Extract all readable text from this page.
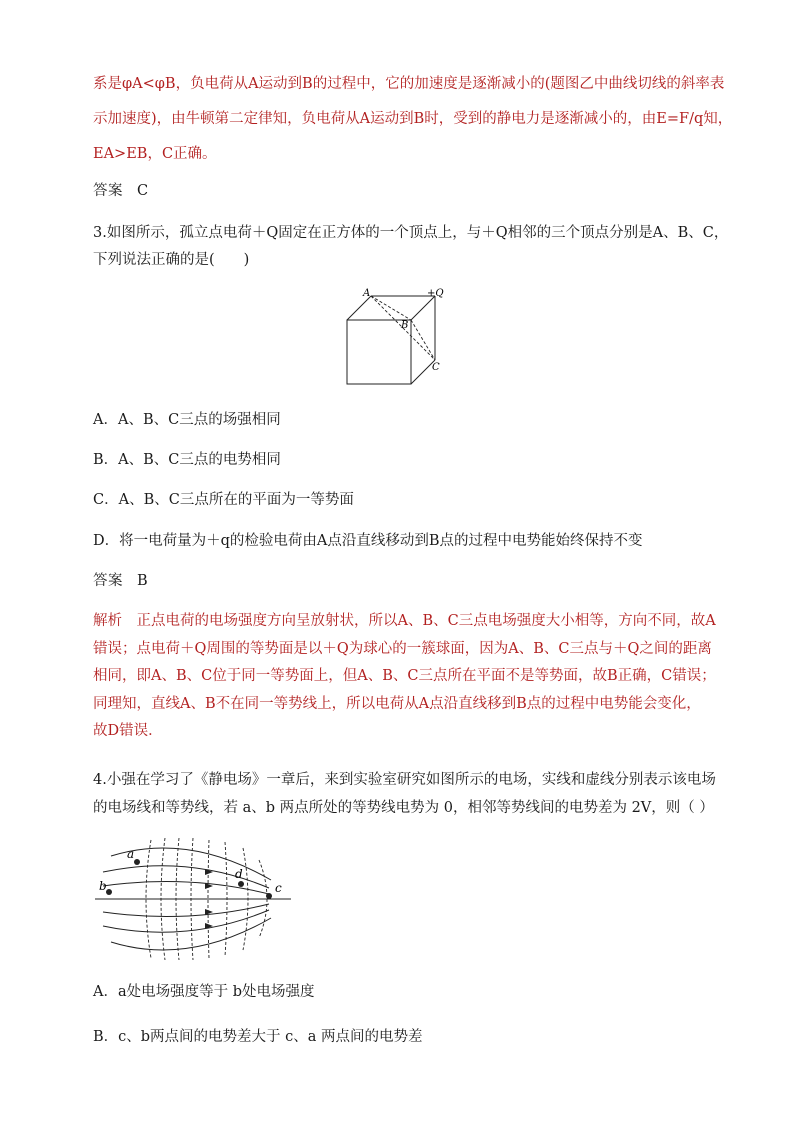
系是φA<φB，负电荷从A运动到B的过程中，它的加速度是逐渐减小的(题图乙中曲线切线的斜率表
示加速度)，由牛顿第二定律知，负电荷从A运动到B时，受到的静电力是逐渐减小的，由E=F/q知，
EA>EB，C正确。
答案 C
3.如图所示，孤立点电荷＋Q固定在正方体的一个顶点上，与＋Q相邻的三个顶点分别是A、B、C，
下列说法正确的是(　　)
A
B
C
+Q
A．A、B、C三点的场强相同
B．A、B、C三点的电势相同
C．A、B、C三点所在的平面为一等势面
D．将一电荷量为＋q的检验电荷由A点沿直线移动到B点的过程中电势能始终保持不变
答案 B
解析　正点电荷的电场强度方向呈放射状，所以A、B、C三点电场强度大小相等，方向不同，故A
错误；点电荷＋Q周围的等势面是以＋Q为球心的一簇球面，因为A、B、C三点与＋Q之间的距离
相同，即A、B、C位于同一等势面上，但A、B、C三点所在平面不是等势面，故B正确，C错误；
同理知，直线A、B不在同一等势线上，所以电荷从A点沿直线移到B点的过程中电势能会变化，
故D错误．
4.小强在学习了《静电场》一章后，来到实验室研究如图所示的电场，实线和虚线分别表示该电场
的电场线和等势线，若 a、b 两点所处的等势线电势为 0，相邻等势线间的电势差为 2V，则（ ）
a
b	c
d
A．a处电场强度等于 b处电场强度
B．c、b两点间的电势差大于 c、a 两点间的电势差
